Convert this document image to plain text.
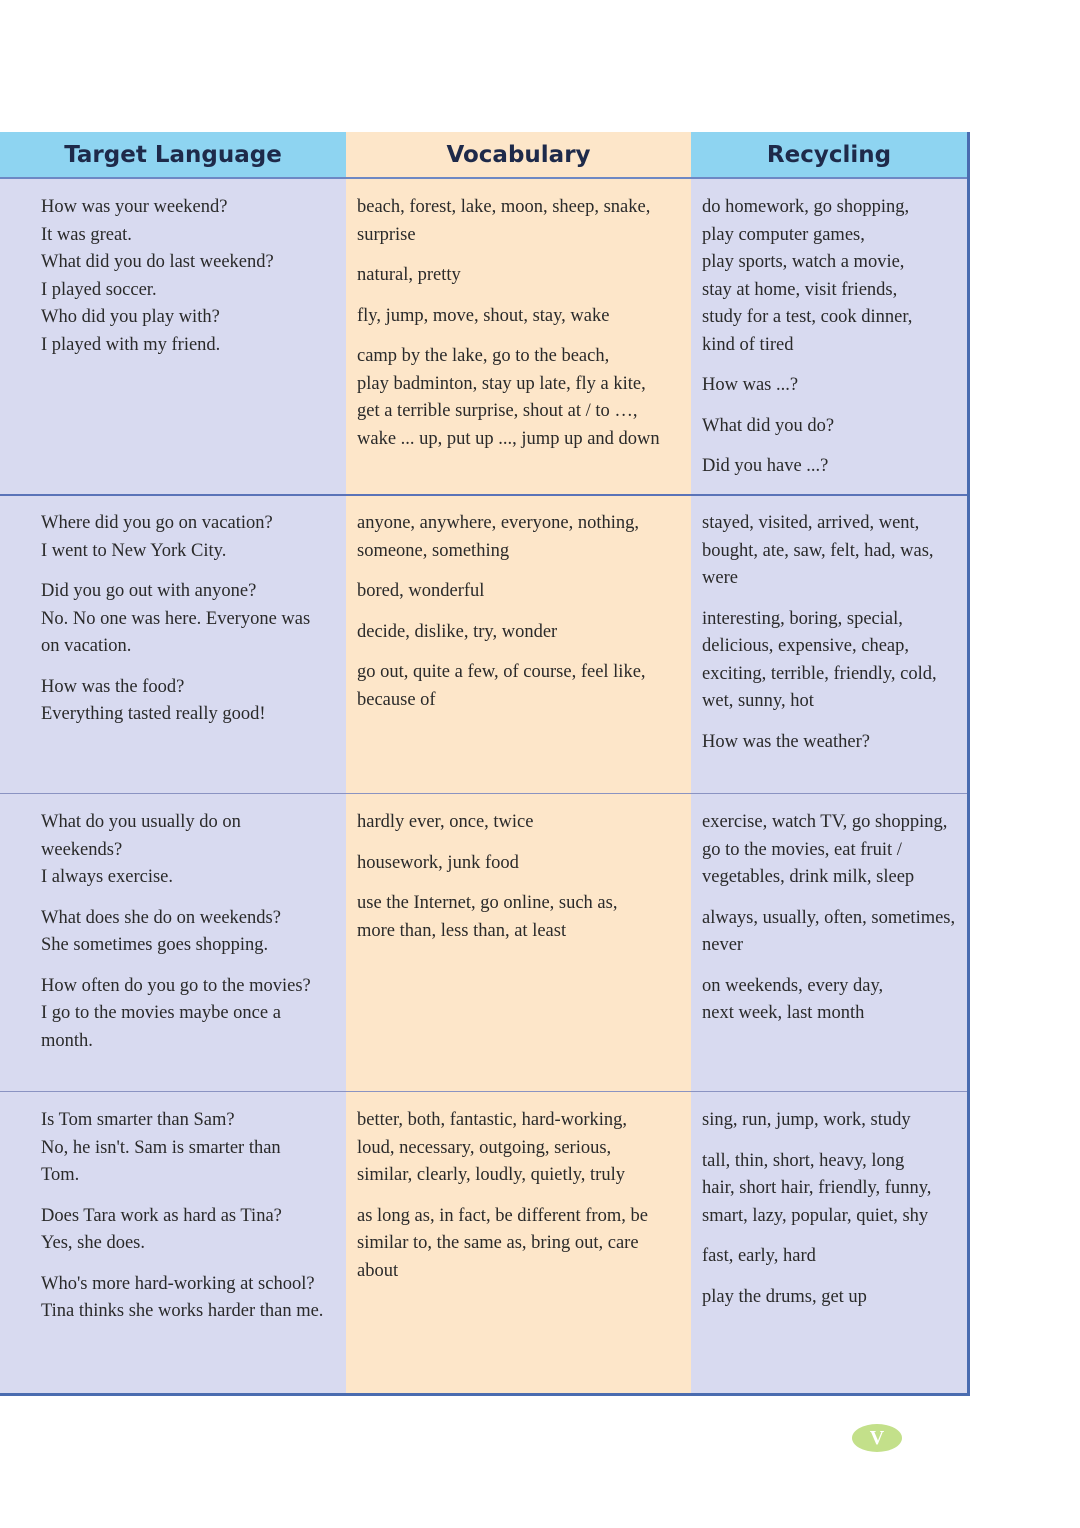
Target Language	Vocabulary	Recycling

How was your weekend?

It was great.

What did you do last weekend?

I played soccer.

Who did you play with?

I played with my friend.

beach, forest, lake, moon, sheep, snake,

surprise

natural, pretty

fly, jump, move, shout, stay, wake

camp by the lake, go to the beach,

play badminton, stay up late, fly a kite,

get a terrible surprise, shout at / to …,

wake ... up, put up ..., jump up and down

do homework, go shopping,

play computer games,

play sports, watch a movie,

stay at home, visit friends,

study for a test, cook dinner,

kind of tired

How was ...?

What did you do?

Did you have ...?

Where did you go on vacation?

I went to New York City.

Did you go out with anyone?

No. No one was here. Everyone was

on vacation.

How was the food?

Everything tasted really good!

anyone, anywhere, everyone, nothing,

someone, something

bored, wonderful

decide, dislike, try, wonder

go out, quite a few, of course, feel like,

because of

stayed, visited, arrived, went,

bought, ate, saw, felt, had, was,

were

interesting, boring, special,

delicious, expensive, cheap,

exciting, terrible, friendly, cold,

wet, sunny, hot

How was the weather?

What do you usually do on

weekends?

I always exercise.

What does she do on weekends?

She sometimes goes shopping.

How often do you go to the movies?

I go to the movies maybe once a

month.

hardly ever, once, twice

housework, junk food

use the Internet, go online, such as,

more than, less than, at least

exercise, watch TV, go shopping,

go to the movies, eat fruit /

vegetables, drink milk, sleep

always, usually, often, sometimes,

never

on weekends, every day,

next week, last month

Is Tom smarter than Sam?

No, he isn't. Sam is smarter than

Tom.

Does Tara work as hard as Tina?

Yes, she does.

Who's more hard-working at school?

Tina thinks she works harder than me.

better, both, fantastic, hard-working,

loud, necessary, outgoing, serious,

similar, clearly, loudly, quietly, truly

as long as, in fact, be different from, be

similar to, the same as, bring out, care

about

sing, run, jump, work, study

tall, thin, short, heavy, long

hair, short hair, friendly, funny,

smart, lazy, popular, quiet, shy

fast, early, hard

play the drums, get up

V
